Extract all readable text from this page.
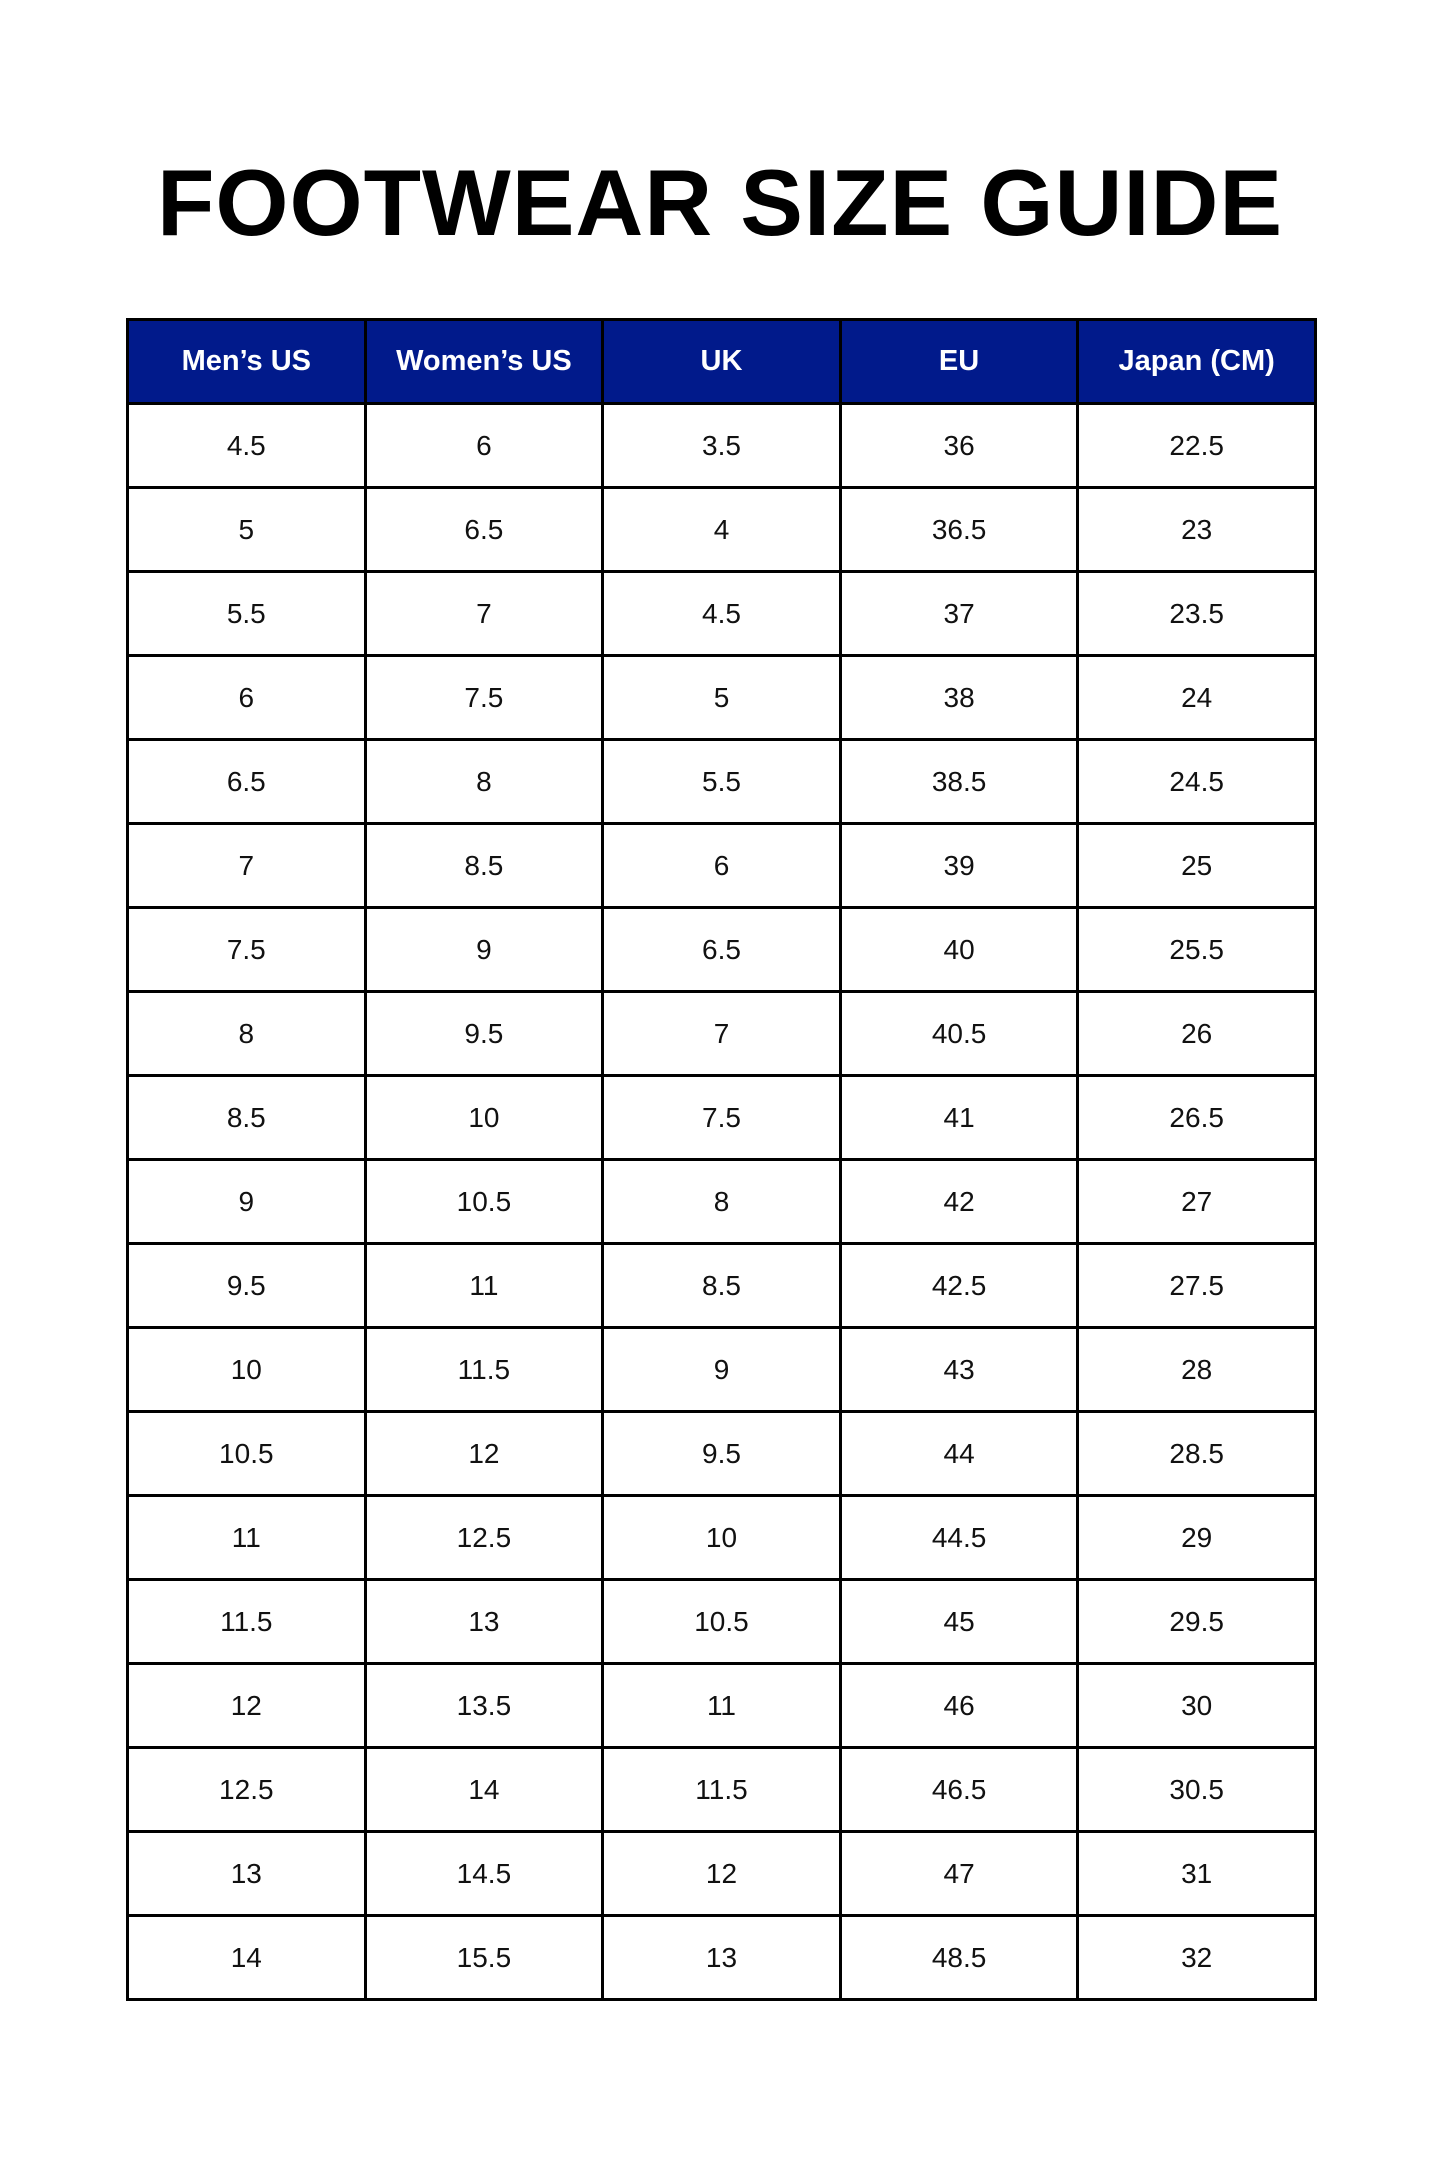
FOOTWEAR SIZE GUIDE
Men’s US	Women’s US	UK	EU	Japan (CM)
4.5	6	3.5	36	22.5
5	6.5	4	36.5	23
5.5	7	4.5	37	23.5
6	7.5	5	38	24
6.5	8	5.5	38.5	24.5
7	8.5	6	39	25
7.5	9	6.5	40	25.5
8	9.5	7	40.5	26
8.5	10	7.5	41	26.5
9	10.5	8	42	27
9.5	11	8.5	42.5	27.5
10	11.5	9	43	28
10.5	12	9.5	44	28.5
11	12.5	10	44.5	29
11.5	13	10.5	45	29.5
12	13.5	11	46	30
12.5	14	11.5	46.5	30.5
13	14.5	12	47	31
14	15.5	13	48.5	32
